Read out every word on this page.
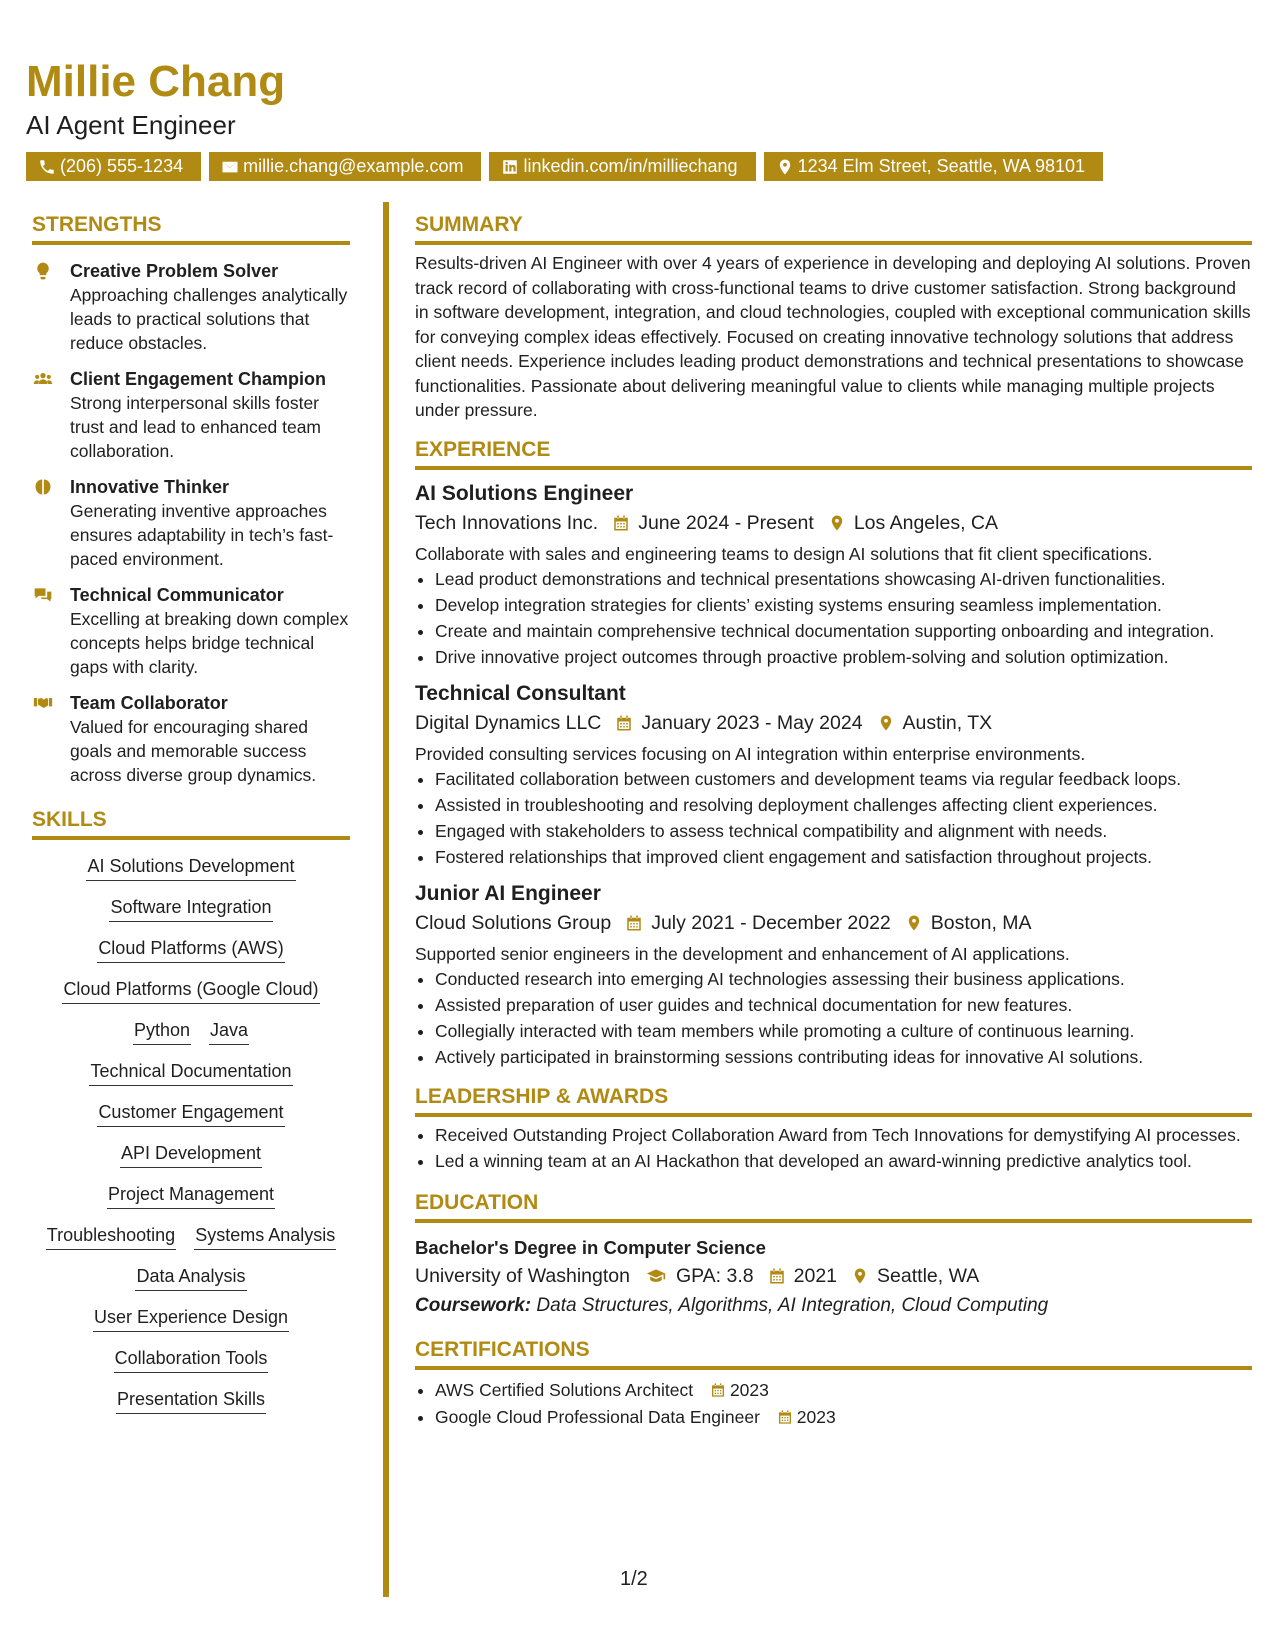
Millie Chang
AI Agent Engineer
(206) 555-1234	millie.chang@example.com	linkedin.com/in/milliechang	1234 Elm Street, Seattle, WA 98101
STRENGTHS
Creative Problem Solver
Approaching challenges analytically leads to practical solutions that reduce obstacles.
Client Engagement Champion
Strong interpersonal skills foster trust and lead to enhanced team collaboration.
Innovative Thinker
Generating inventive approaches ensures adaptability in tech’s fast-paced environment.
Technical Communicator
Excelling at breaking down complex concepts helps bridge technical gaps with clarity.
Team Collaborator
Valued for encouraging shared goals and memorable success across diverse group dynamics.
SKILLS
AI Solutions Development
Software Integration
Cloud Platforms (AWS)
Cloud Platforms (Google Cloud)
Python Java
Technical Documentation
Customer Engagement
API Development
Project Management
Troubleshooting Systems Analysis
Data Analysis
User Experience Design
Collaboration Tools
Presentation Skills
SUMMARY

Results-driven AI Engineer with over 4 years of experience in developing and deploying AI solutions. Proven track record of collaborating with cross-functional teams to drive customer satisfaction. Strong background in software development, integration, and cloud technologies, coupled with exceptional communication skills for conveying complex ideas effectively. Focused on creating innovative technology solutions that address client needs. Experience includes leading product demonstrations and technical presentations to showcase functionalities. Passionate about delivering meaningful value to clients while managing multiple projects under pressure.

EXPERIENCE
AI Solutions Engineer
Tech Innovations Inc. June 2024 - Present Los Angeles, CA
Collaborate with sales and engineering teams to design AI solutions that fit client specifications.
• Lead product demonstrations and technical presentations showcasing AI-driven functionalities.
• Develop integration strategies for clients’ existing systems ensuring seamless implementation.
• Create and maintain comprehensive technical documentation supporting onboarding and integration.
• Drive innovative project outcomes through proactive problem-solving and solution optimization.
Technical Consultant
Digital Dynamics LLC January 2023 - May 2024 Austin, TX
Provided consulting services focusing on AI integration within enterprise environments.
• Facilitated collaboration between customers and development teams via regular feedback loops.
• Assisted in troubleshooting and resolving deployment challenges affecting client experiences.
• Engaged with stakeholders to assess technical compatibility and alignment with needs.
• Fostered relationships that improved client engagement and satisfaction throughout projects.
Junior AI Engineer
Cloud Solutions Group July 2021 - December 2022 Boston, MA
Supported senior engineers in the development and enhancement of AI applications.
• Conducted research into emerging AI technologies assessing their business applications.
• Assisted preparation of user guides and technical documentation for new features.
• Collegially interacted with team members while promoting a culture of continuous learning.
• Actively participated in brainstorming sessions contributing ideas for innovative AI solutions.
LEADERSHIP & AWARDS
• Received Outstanding Project Collaboration Award from Tech Innovations for demystifying AI processes.
• Led a winning team at an AI Hackathon that developed an award-winning predictive analytics tool.
EDUCATION
Bachelor's Degree in Computer Science
University of Washington GPA: 3.8 2021 Seattle, WA
Coursework: Data Structures, Algorithms, AI Integration, Cloud Computing
CERTIFICATIONS
• AWS Certified Solutions Architect 2023
• Google Cloud Professional Data Engineer 2023
1/2
